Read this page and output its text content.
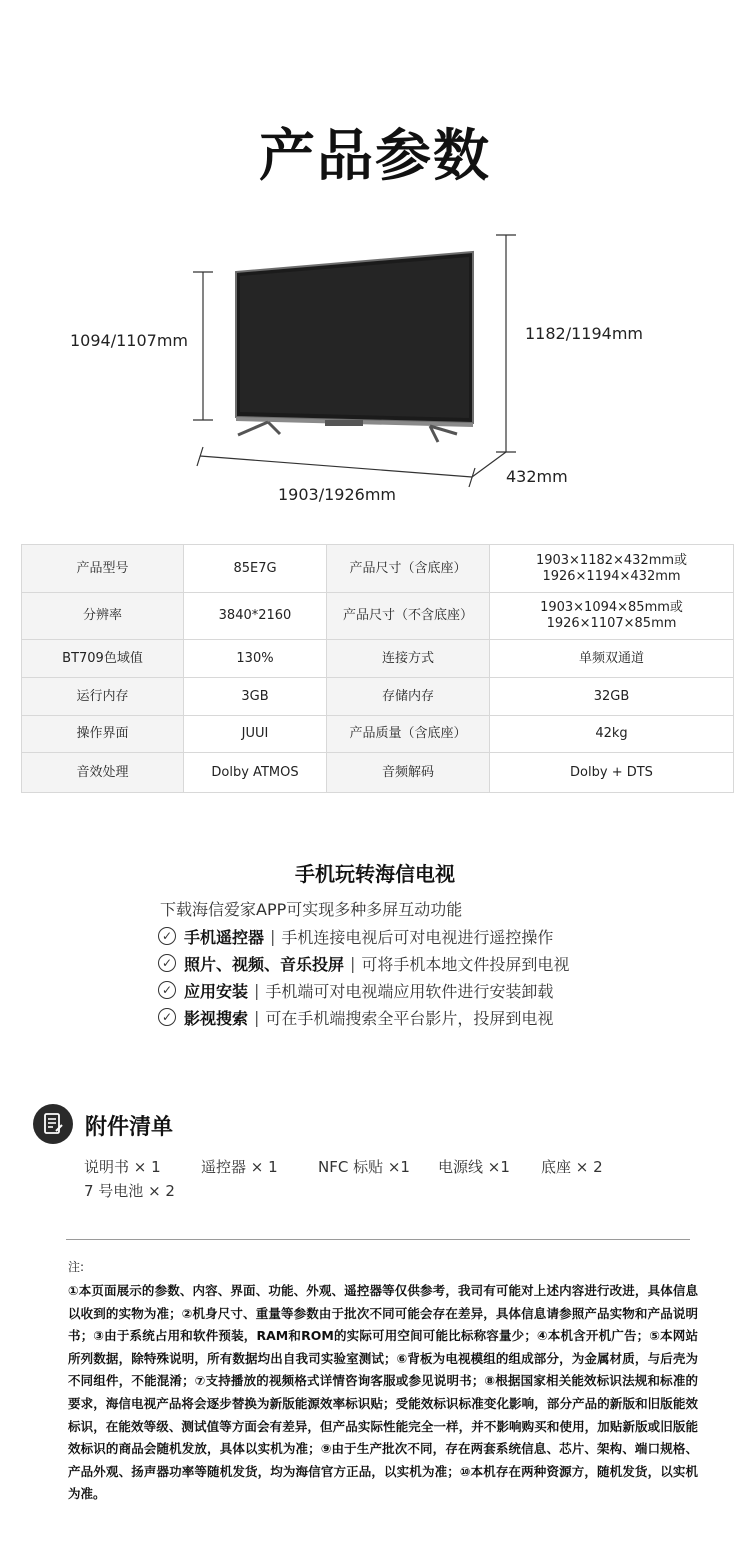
产品参数
1094/1107mm	1182/1194mm
1903/1926mm
432mm
产品型号	85E7G	产品尺寸（含底座）	1903×1182×432mm或
1926×1194×432mm

分辨率	3840*2160	产品尺寸（不含底座）	1903×1094×85mm或
1926×1107×85mm

BT709色域值	130%	连接方式	单频双通道
运行内存	3GB	存储内存	32GB
操作界面	JUUI	产品质量（含底座）	42kg
音效处理	Dolby ATMOS	音频解码	Dolby + DTS
手机玩转海信电视
下载海信爱家APP可实现多种多屏互动功能
✓ 手机遥控器 | 手机连接电视后可对电视进行遥控操作
✓ 照片、视频、音乐投屏 | 可将手机本地文件投屏到电视
✓ 应用安装 | 手机端可对电视端应用软件进行安装卸载
✓ 影视搜索 | 可在手机端搜索全平台影片，投屏到电视
附件清单
说明书 × 1	遥控器 × 1	NFC 标贴 ×1 电源线 ×1 底座 × 2
7 号电池 × 2
注:
①本页面展示的参数、内容、界面、功能、外观、遥控器等仅供参考，我司有可能对上述内容进行改进，具体信息以收到的实物为准；②机身尺寸、重量等参数由于批次不同可能会存在差异，具体信息请参照产品实物和产品说明书；③由于系统占用和软件预装，RAM和ROM的实际可用空间可能比标称容量少；④本机含开机广告；⑤本网站所列数据，除特殊说明，所有数据均出自我司实验室测试；⑥背板为电视模组的组成部分，为金属材质，与后壳为不同组件，不能混淆；⑦支持播放的视频格式详情咨询客服或参见说明书；⑧根据国家相关能效标识法规和标准的要求，海信电视产品将会逐步替换为新版能源效率标识贴；受能效标识标准变化影响，部分产品的新版和旧版能效标识，在能效等级、测试值等方面会有差异，但产品实际性能完全一样，并不影响购买和使用，加贴新版或旧版能效标识的商品会随机发放，具体以实机为准；⑨由于生产批次不同，存在两套系统信息、芯片、架构、端口规格、产品外观、扬声器功率等随机发货，均为海信官方正品，以实机为准；⑩本机存在两种资源方，随机发货，以实机为准。
